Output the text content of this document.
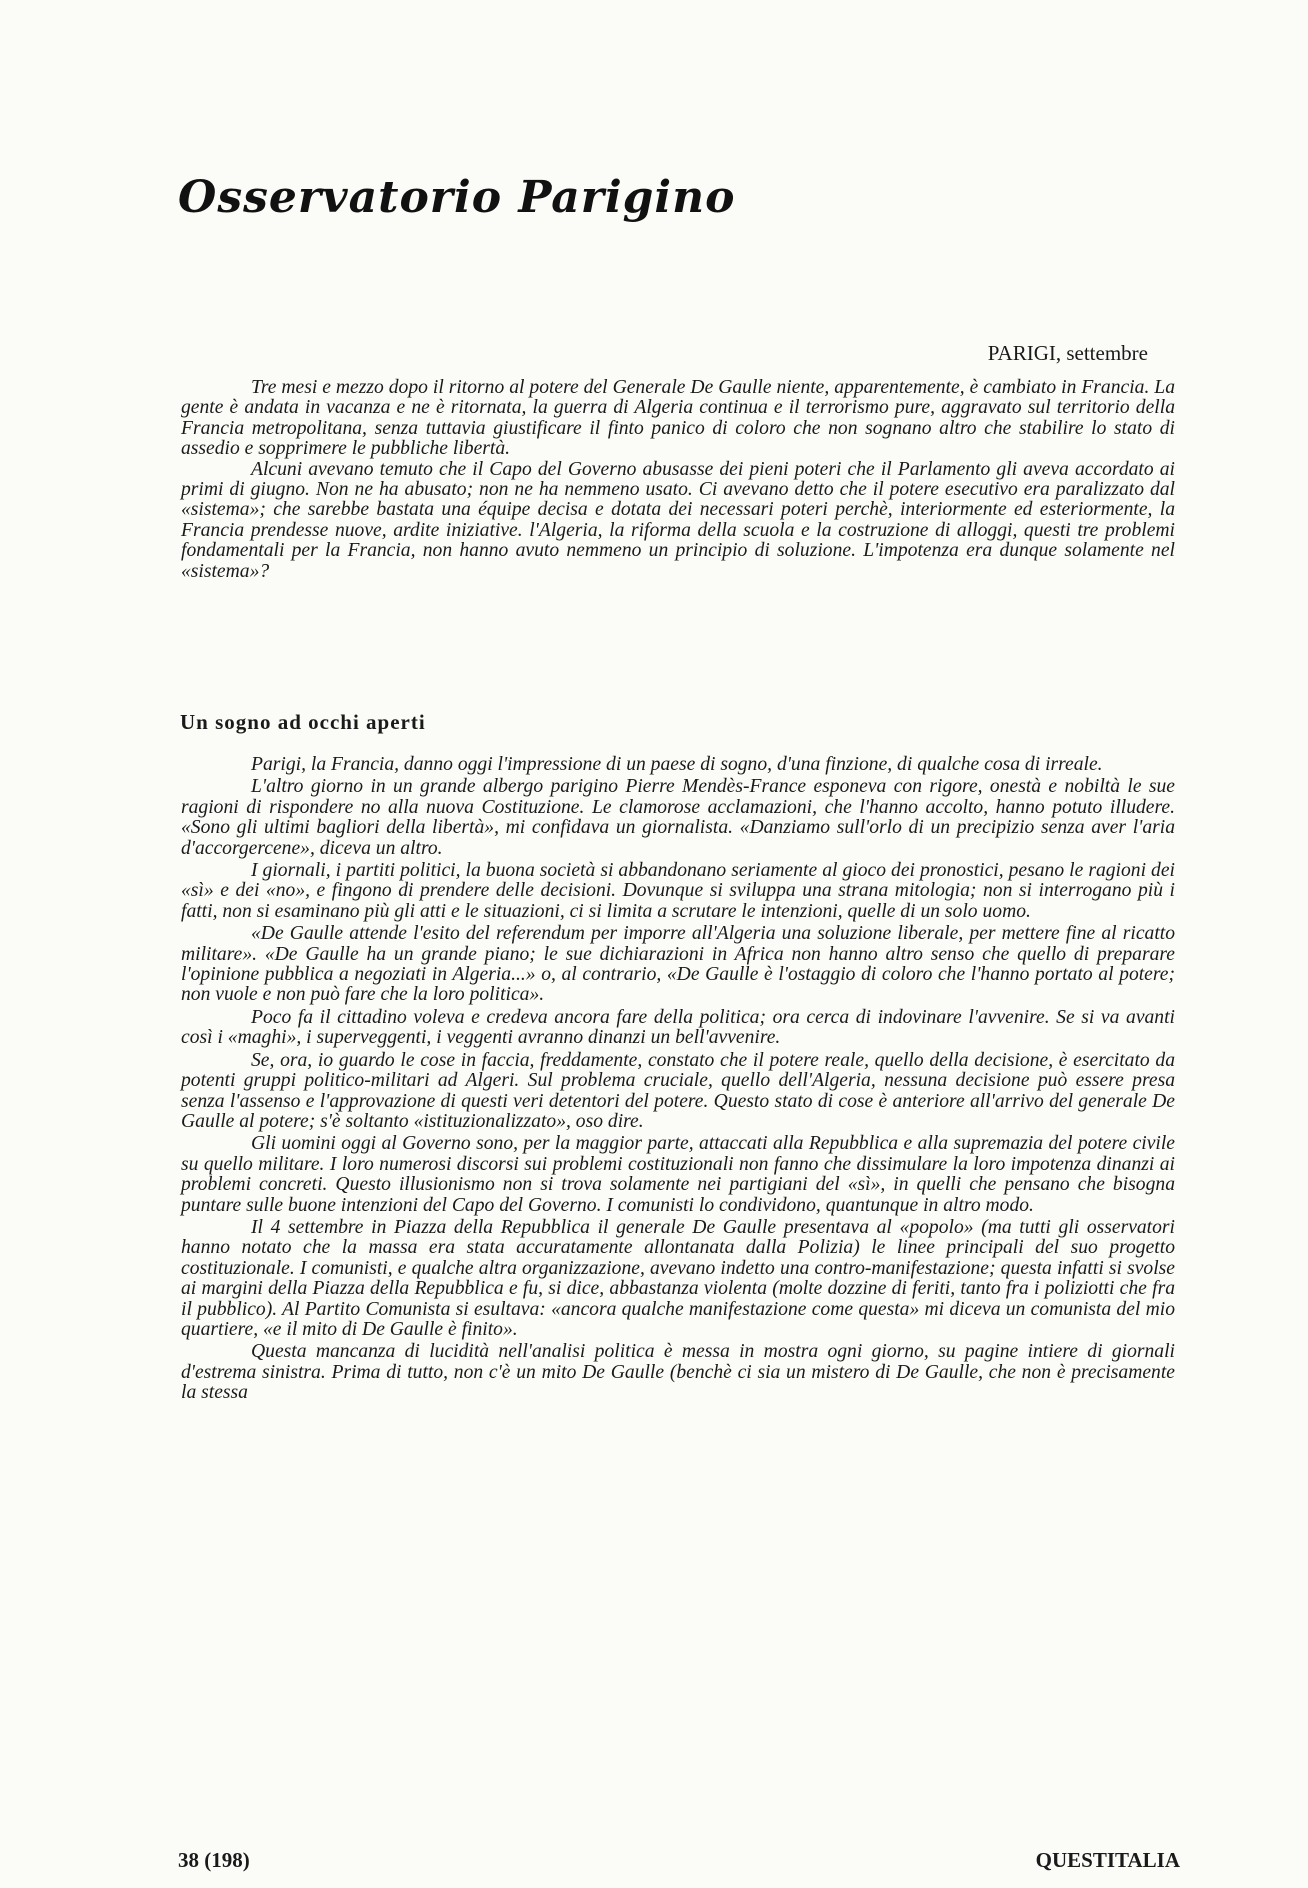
Osservatorio Parigino
PARIGI, settembre

Tre mesi e mezzo dopo il ritorno al potere del Generale De Gaulle niente, apparentemente, è cambiato in Francia. La gente è andata in vacanza e ne è ritornata, la guerra di Algeria continua e il terrorismo pure, aggravato sul territorio della Francia metropolitana, senza tuttavia giustificare il finto panico di coloro che non sognano altro che stabilire lo stato di assedio e sopprimere le pubbliche libertà.

Alcuni avevano temuto che il Capo del Governo abusasse dei pieni poteri che il Parlamento gli aveva accordato ai primi di giugno. Non ne ha abusato; non ne ha nemmeno usato. Ci avevano detto che il potere esecutivo era paralizzato dal «sistema»; che sarebbe bastata una équipe decisa e dotata dei necessari poteri perchè, interiormente ed esteriormente, la Francia prendesse nuove, ardite iniziative. l'Algeria, la riforma della scuola e la costruzione di alloggi, questi tre problemi fondamentali per la Francia, non hanno avuto nemmeno un principio di soluzione. L'impotenza era dunque solamente nel «sistema»?

Un sogno ad occhi aperti

Parigi, la Francia, danno oggi l'impressione di un paese di sogno, d'una finzione, di qualche cosa di irreale.

L'altro giorno in un grande albergo parigino Pierre Mendès-France esponeva con rigore, onestà e nobiltà le sue ragioni di rispondere no alla nuova Costituzione. Le clamorose acclamazioni, che l'hanno accolto, hanno potuto illudere. «Sono gli ultimi bagliori della libertà», mi confidava un giornalista. «Danziamo sull'orlo di un precipizio senza aver l'aria d'accorgercene», diceva un altro.

I giornali, i partiti politici, la buona società si abbandonano seriamente al gioco dei pronostici, pesano le ragioni dei «sì» e dei «no», e fingono di prendere delle decisioni. Dovunque si sviluppa una strana mitologia; non si interrogano più i fatti, non si esaminano più gli atti e le situazioni, ci si limita a scrutare le intenzioni, quelle di un solo uomo.

«De Gaulle attende l'esito del referendum per imporre all'Algeria una soluzione liberale, per mettere fine al ricatto militare». «De Gaulle ha un grande piano; le sue dichiarazioni in Africa non hanno altro senso che quello di preparare l'opinione pubblica a negoziati in Algeria...» o, al contrario, «De Gaulle è l'ostaggio di coloro che l'hanno portato al potere; non vuole e non può fare che la loro politica».

Poco fa il cittadino voleva e credeva ancora fare della politica; ora cerca di indovinare l'avvenire. Se si va avanti così i «maghi», i superveggenti, i veggenti avranno dinanzi un bell'avvenire.

Se, ora, io guardo le cose in faccia, freddamente, constato che il potere reale, quello della decisione, è esercitato da potenti gruppi politico-militari ad Algeri. Sul problema cruciale, quello dell'Algeria, nessuna decisione può essere presa senza l'assenso e l'approvazione di questi veri detentori del potere. Questo stato di cose è anteriore all'arrivo del generale De Gaulle al potere; s'è soltanto «istituzionalizzato», oso dire.

Gli uomini oggi al Governo sono, per la maggior parte, attaccati alla Repubblica e alla supremazia del potere civile su quello militare. I loro numerosi discorsi sui problemi costituzionali non fanno che dissimulare la loro impotenza dinanzi ai problemi concreti. Questo illusionismo non si trova solamente nei partigiani del «sì», in quelli che pensano che bisogna puntare sulle buone intenzioni del Capo del Governo. I comunisti lo condividono, quantunque in altro modo.

Il 4 settembre in Piazza della Repubblica il generale De Gaulle presentava al «popolo» (ma tutti gli osservatori hanno notato che la massa era stata accuratamente allontanata dalla Polizia) le linee principali del suo progetto costituzionale. I comunisti, e qualche altra organizzazione, avevano indetto una contro-manifestazione; questa infatti si svolse ai margini della Piazza della Repubblica e fu, si dice, abbastanza violenta (molte dozzine di feriti, tanto fra i poliziotti che fra il pubblico). Al Partito Comunista si esultava: «ancora qualche manifestazione come questa» mi diceva un comunista del mio quartiere, «e il mito di De Gaulle è finito».

Questa mancanza di lucidità nell'analisi politica è messa in mostra ogni giorno, su pagine intiere di giornali d'estrema sinistra. Prima di tutto, non c'è un mito De Gaulle (benchè ci sia un mistero di De Gaulle, che non è precisamente la stessa

38 (198)	QUESTITALIA
